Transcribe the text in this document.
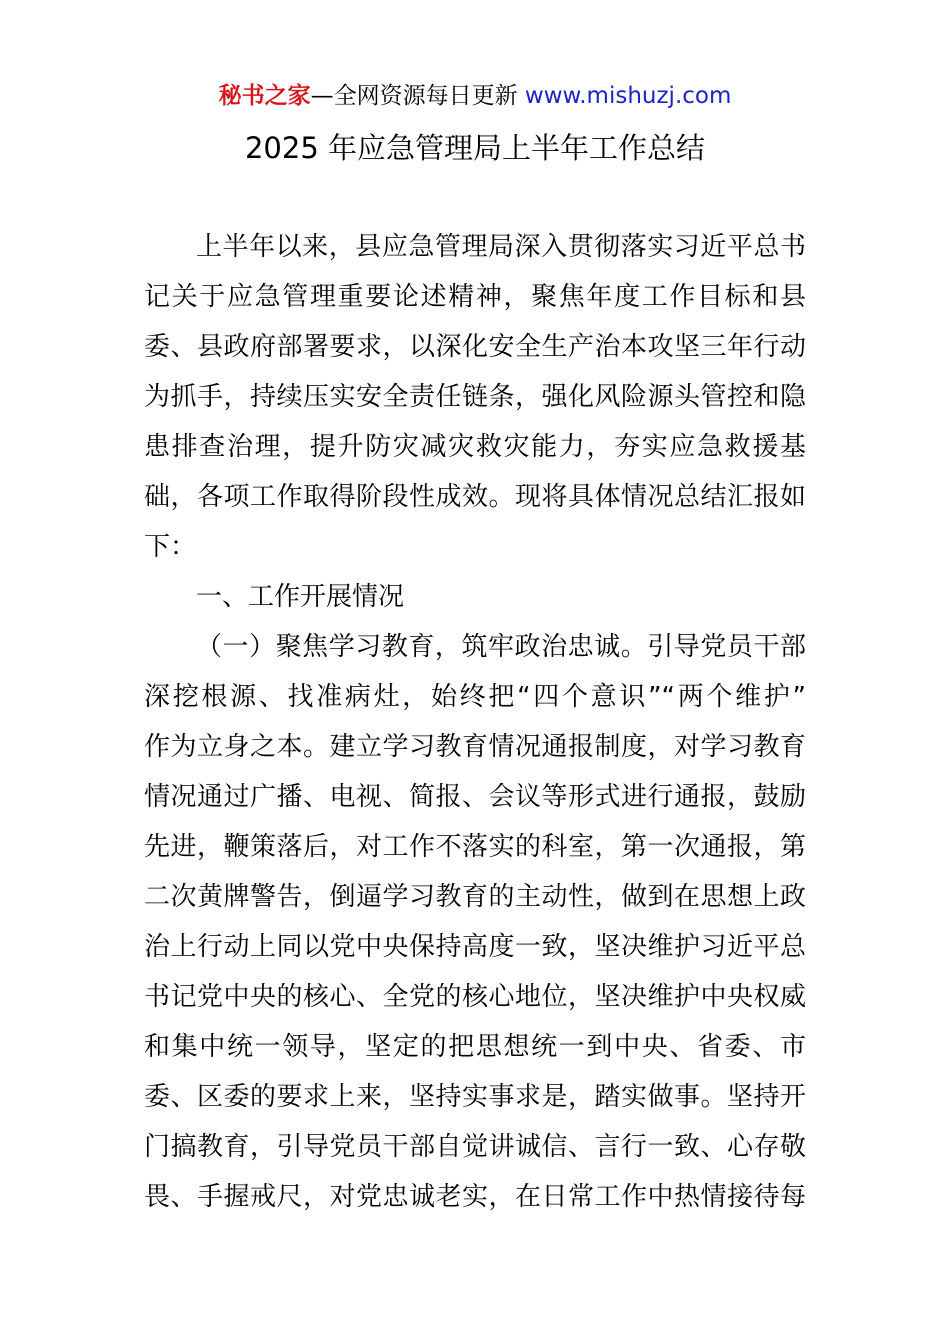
秘书之家—全网资源每日更新 www.mishuzj.com
2025 年应急管理局上半年工作总结
上半年以来，县应急管理局深入贯彻落实习近平总书
记关于应急管理重要论述精神，聚焦年度工作目标和县
委、县政府部署要求，以深化安全生产治本攻坚三年行动
为抓手，持续压实安全责任链条，强化风险源头管控和隐
患排查治理，提升防灾减灾救灾能力，夯实应急救援基
础，各项工作取得阶段性成效。现将具体情况总结汇报如
下：
一、工作开展情况
（一）聚焦学习教育，筑牢政治忠诚。引导党员干部
深挖根源、找准病灶，始终把“四个意识”“两个维护”
作为立身之本。建立学习教育情况通报制度，对学习教育
情况通过广播、电视、简报、会议等形式进行通报，鼓励
先进，鞭策落后，对工作不落实的科室，第一次通报，第
二次黄牌警告，倒逼学习教育的主动性，做到在思想上政
治上行动上同以党中央保持高度一致，坚决维护习近平总
书记党中央的核心、全党的核心地位，坚决维护中央权威
和集中统一领导，坚定的把思想统一到中央、省委、市
委、区委的要求上来，坚持实事求是，踏实做事。坚持开
门搞教育，引导党员干部自觉讲诚信、言行一致、心存敬
畏、手握戒尺，对党忠诚老实，在日常工作中热情接待每
